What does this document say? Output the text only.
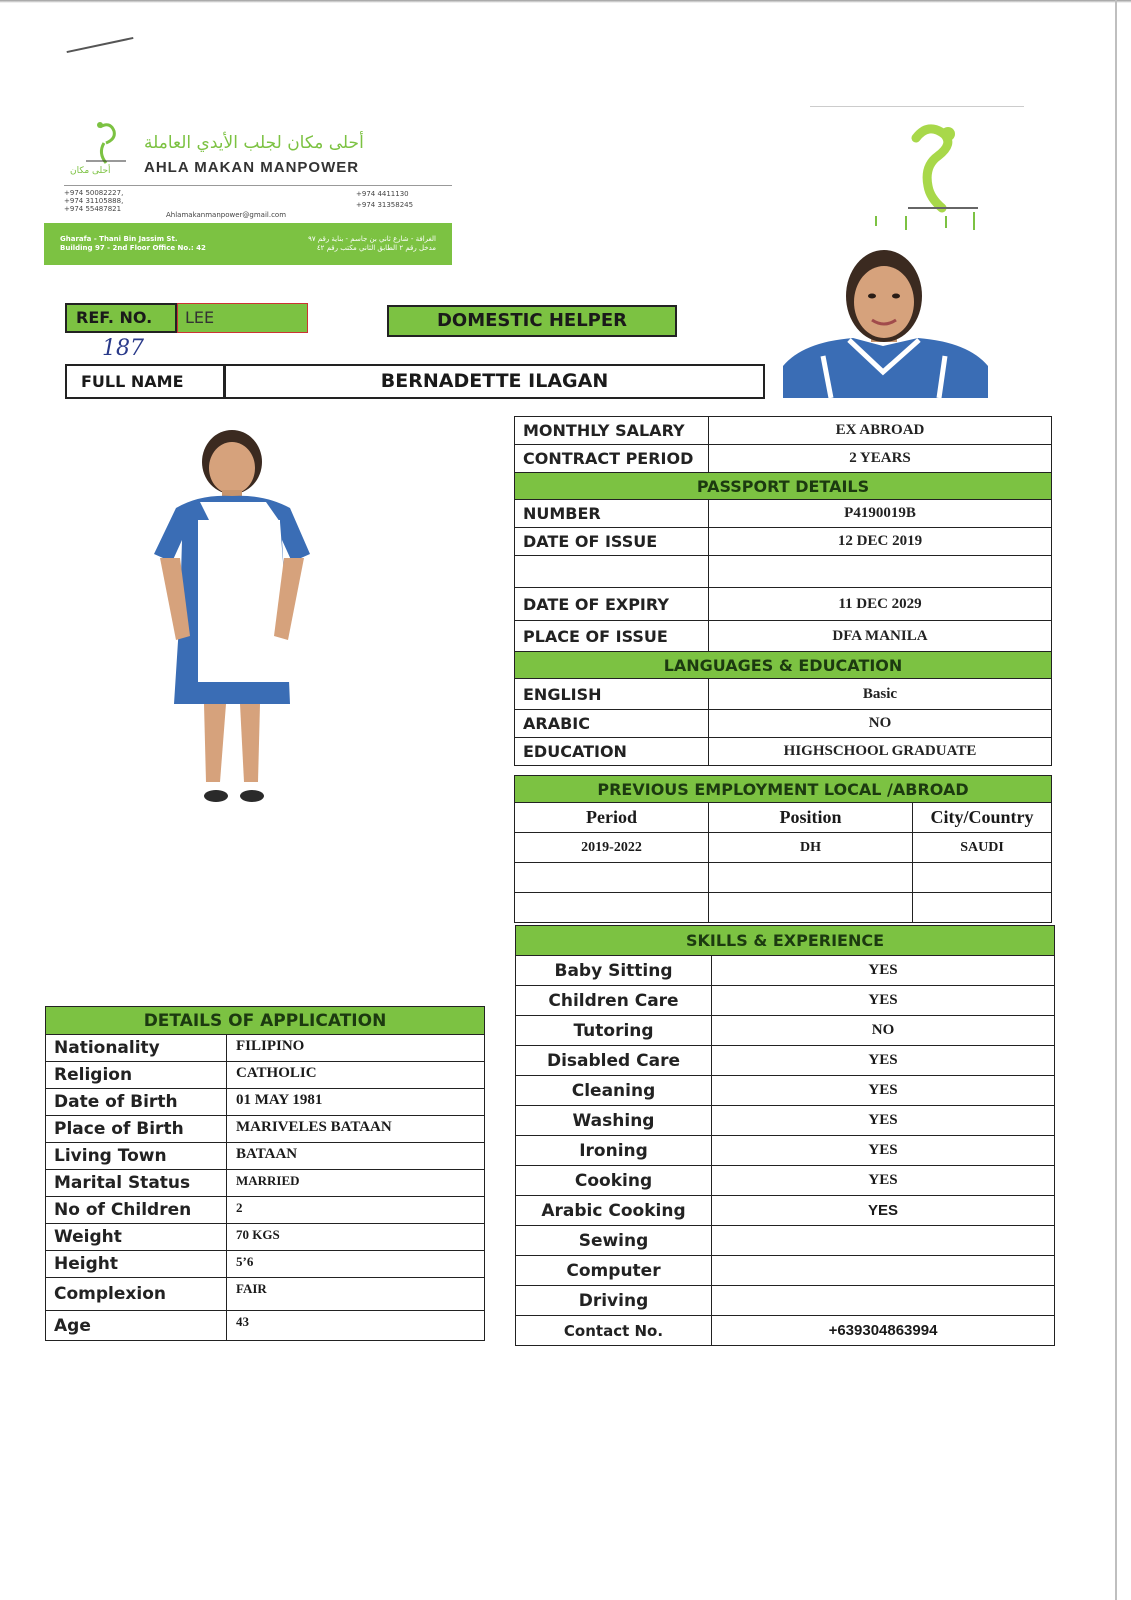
أحلى مكان
أحلى مكان لجلب الأيدي العاملة
AHLA MAKAN MANPOWER
+974 50082227,
+974 31105888,
+974 55487821
Ahlamakanmanpower@gmail.com
+974 4411130
+974 31358245
Gharafa - Thani Bin Jassim St.
Building 97 - 2nd Floor Office No.: 42
الغرافة - شارع ثاني بن جاسم - بناية رقم ٩٧
مدخل رقم ٢ الطابق الثاني مكتب رقم ٤٢
REF. NO.	LEE
187
DOMESTIC HELPER
FULL NAME	BERNADETTE ILAGAN
MONTHLY SALARY	EX ABROAD
CONTRACT PERIOD	2 YEARS
PASSPORT DETAILS	
NUMBER	P4190019B
DATE OF ISSUE	12 DEC 2019

DATE OF EXPIRY	11 DEC 2029
PLACE OF ISSUE	DFA MANILA
LANGUAGES & EDUCATION	
ENGLISH	Basic
ARABIC	NO
EDUCATION	HIGHSCHOOL GRADUATE
PREVIOUS EMPLOYMENT LOCAL /ABROAD		
Period	Position	City/Country
2019-2022	DH	SAUDI

SKILLS & EXPERIENCE	
Baby Sitting	YES
Children Care	YES
Tutoring	NO
Disabled Care	YES
Cleaning	YES
Washing	YES
Ironing	YES
Cooking	YES
Arabic Cooking	YES
Sewing	
Computer	
Driving	
Contact No.	+639304863994
DETAILS OF APPLICATION	
Nationality	FILIPINO
Religion	CATHOLIC
Date of Birth	01 MAY 1981
Place of Birth	MARIVELES BATAAN
Living Town	BATAAN
Marital Status	MARRIED
No of Children	2
Weight	70 KGS
Height	5’6
Complexion	FAIR
Age	43
